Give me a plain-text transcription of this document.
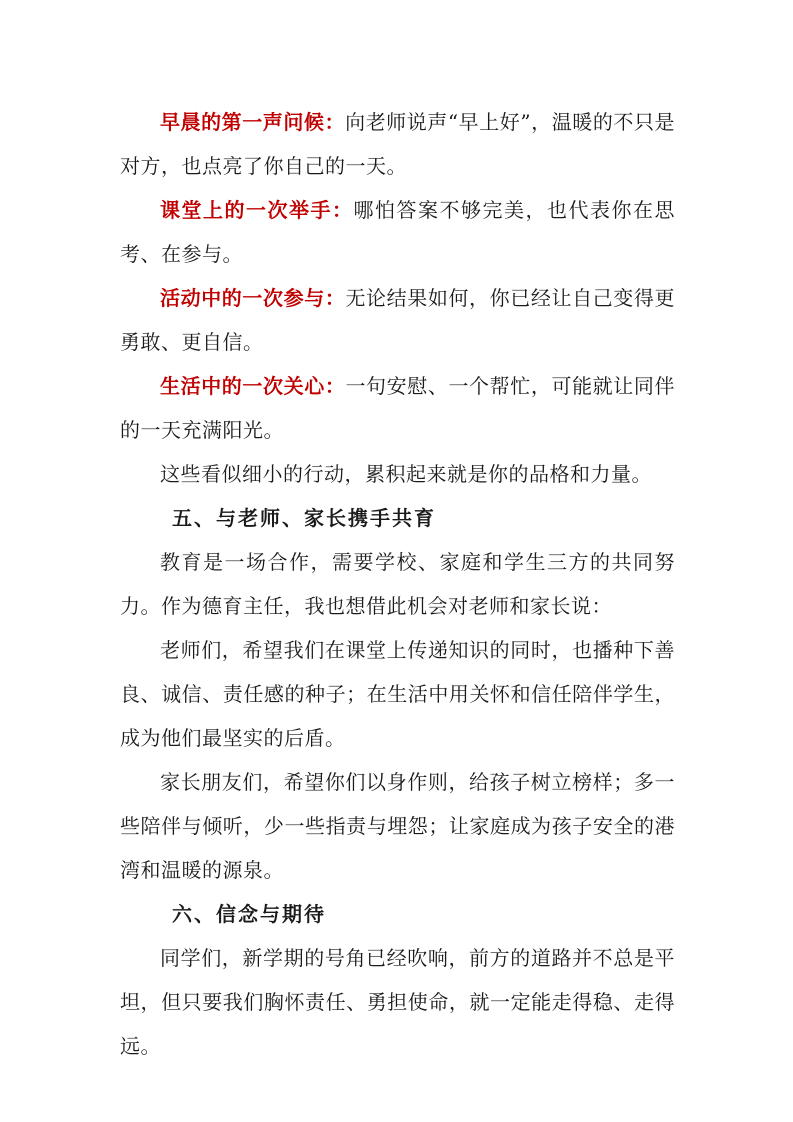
早晨的第一声问候：向老师说声“早上好”，温暖的不只是对方，也点亮了你自己的一天。

课堂上的一次举手：哪怕答案不够完美，也代表你在思考、在参与。

活动中的一次参与：无论结果如何，你已经让自己变得更勇敢、更自信。

生活中的一次关心：一句安慰、一个帮忙，可能就让同伴的一天充满阳光。

这些看似细小的行动，累积起来就是你的品格和力量。

五、与老师、家长携手共育

教育是一场合作，需要学校、家庭和学生三方的共同努力。作为德育主任，我也想借此机会对老师和家长说：

老师们，希望我们在课堂上传递知识的同时，也播种下善良、诚信、责任感的种子；在生活中用关怀和信任陪伴学生，成为他们最坚实的后盾。

家长朋友们，希望你们以身作则，给孩子树立榜样；多一些陪伴与倾听，少一些指责与埋怨；让家庭成为孩子安全的港湾和温暖的源泉。

六、信念与期待

同学们，新学期的号角已经吹响，前方的道路并不总是平坦，但只要我们胸怀责任、勇担使命，就一定能走得稳、走得远。
